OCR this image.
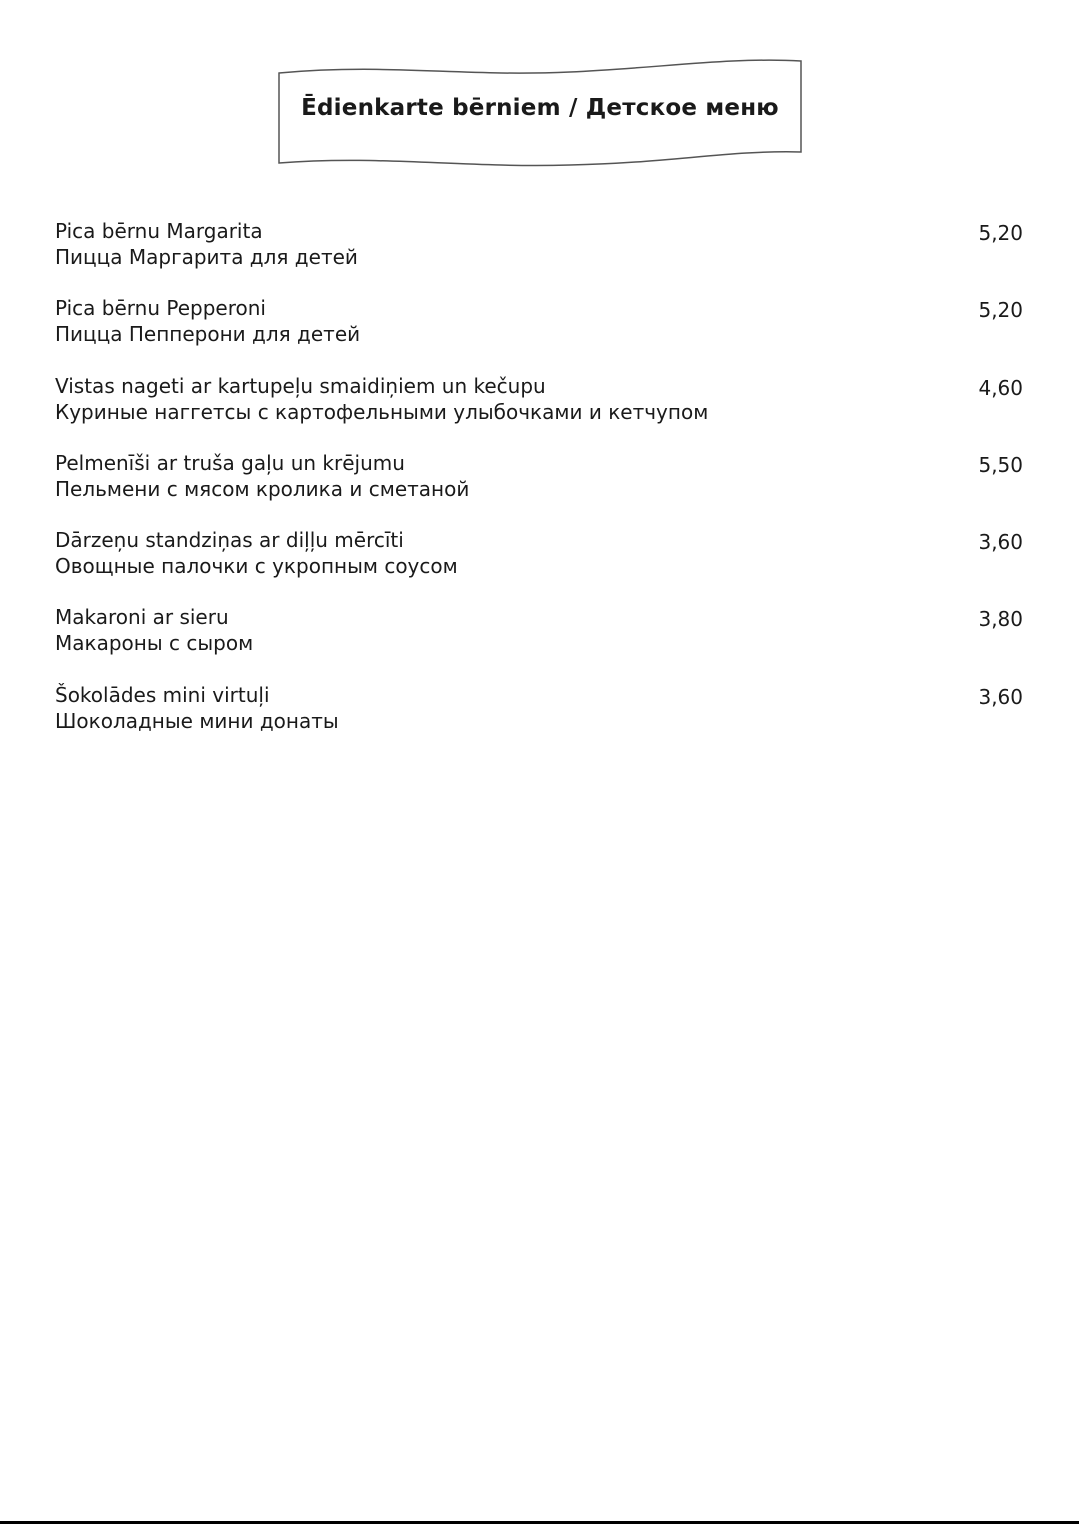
Ēdienkarte bērniem / Детское меню
Pica bērnu Margarita
Пицца Маргарита для детей
5,20
Pica bērnu Pepperoni
Пицца Пепперони для детей
5,20
Vistas nageti ar kartupeļu smaidiņiem un kečupu
Куриные наггетсы с картофельными улыбочками и кетчупом
4,60
Pelmenīši ar truša gaļu un krējumu
Пельмени с мясом кролика и сметаной
5,50
Dārzeņu standziņas ar diļļu mērcīti
Овощные палочки с укропным соусом
3,60
Makaroni ar sieru
Макароны с сыром
3,80
Šokolādes mini virtuļi
Шоколадные мини донаты
3,60
